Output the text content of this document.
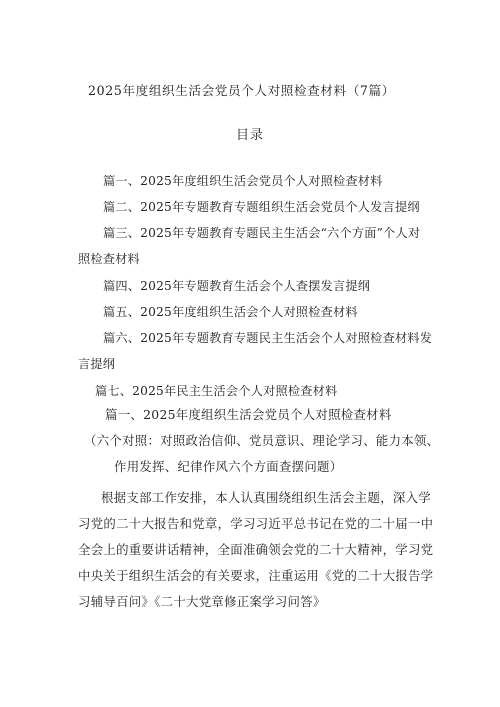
2025年度组织生活会党员个人对照检查材料（7篇）
目录
篇一、2025年度组织生活会党员个人对照检查材料
篇二、2025年专题教育专题组织生活会党员个人发言提纲
篇三、2025年专题教育专题民主生活会“六个方面”个人对
照检查材料
篇四、2025年专题教育生活会个人查摆发言提纲
篇五、2025年度组织生活会个人对照检查材料
篇六、2025年专题教育专题民主生活会个人对照检查材料发
言提纲
篇七、2025年民主生活会个人对照检查材料
篇一、2025年度组织生活会党员个人对照检查材料
（六个对照：对照政治信仰、党员意识、理论学习、能力本领、
作用发挥、纪律作风六个方面查摆问题）
根据支部工作安排，本人认真围绕组织生活会主题，深入学
习党的二十大报告和党章，学习习近平总书记在党的二十届一中
全会上的重要讲话精神，全面准确领会党的二十大精神，学习党
中央关于组织生活会的有关要求，注重运用《党的二十大报告学
习辅导百问》《二十大党章修正案学习问答》
